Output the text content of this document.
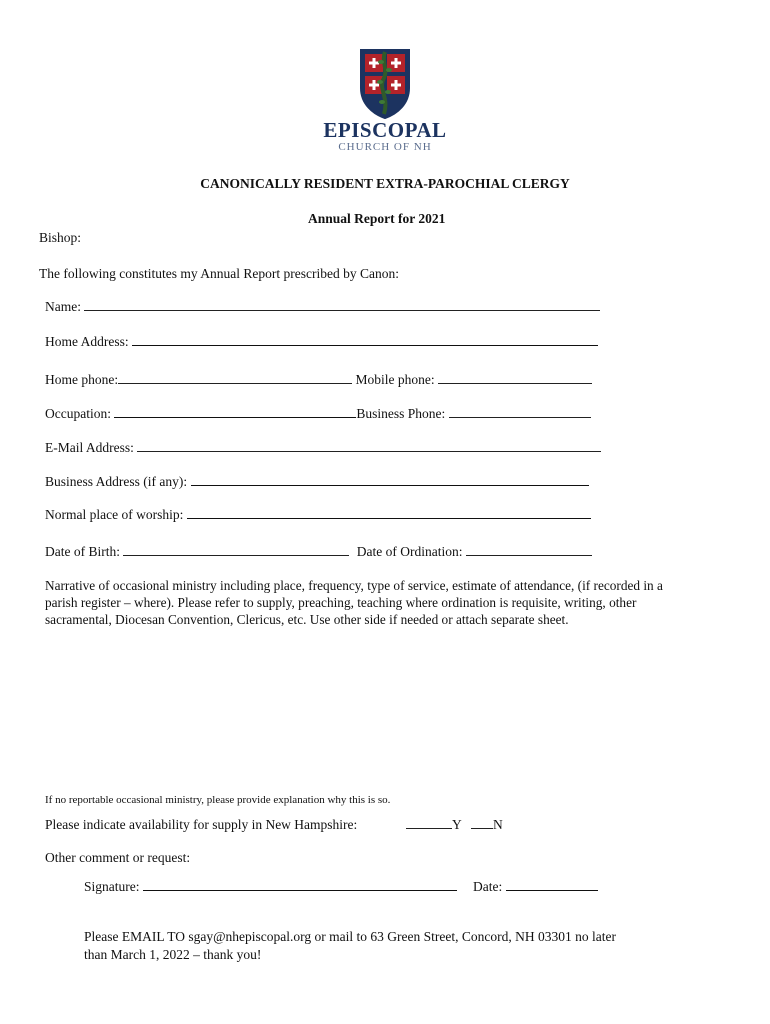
EPISCOPAL
CHURCH OF NH
CANONICALLY RESIDENT EXTRA-PAROCHIAL CLERGY
Annual Report for 2021
Bishop:
The following constitutes my Annual Report prescribed by Canon:
Name:
Home Address:
Home phone:	Mobile phone:
Occupation:	Business Phone:
E-Mail Address:
Business Address (if any):
Normal place of worship:
Date of Birth:	Date of Ordination:
Narrative of occasional ministry including place, frequency, type of service, estimate of attendance, (if recorded in a parish register – where). Please refer to supply, preaching, teaching where ordination is requisite, writing, other sacramental, Diocesan Convention, Clericus, etc. Use other side if needed or attach separate sheet.
If no reportable occasional ministry, please provide explanation why this is so.
Please indicate availability for supply in New Hampshire:	Y	N
Other comment or request:
Signature:	Date:
Please EMAIL TO sgay@nhepiscopal.org or mail to 63 Green Street, Concord, NH 03301 no later
than March 1, 2022 – thank you!
